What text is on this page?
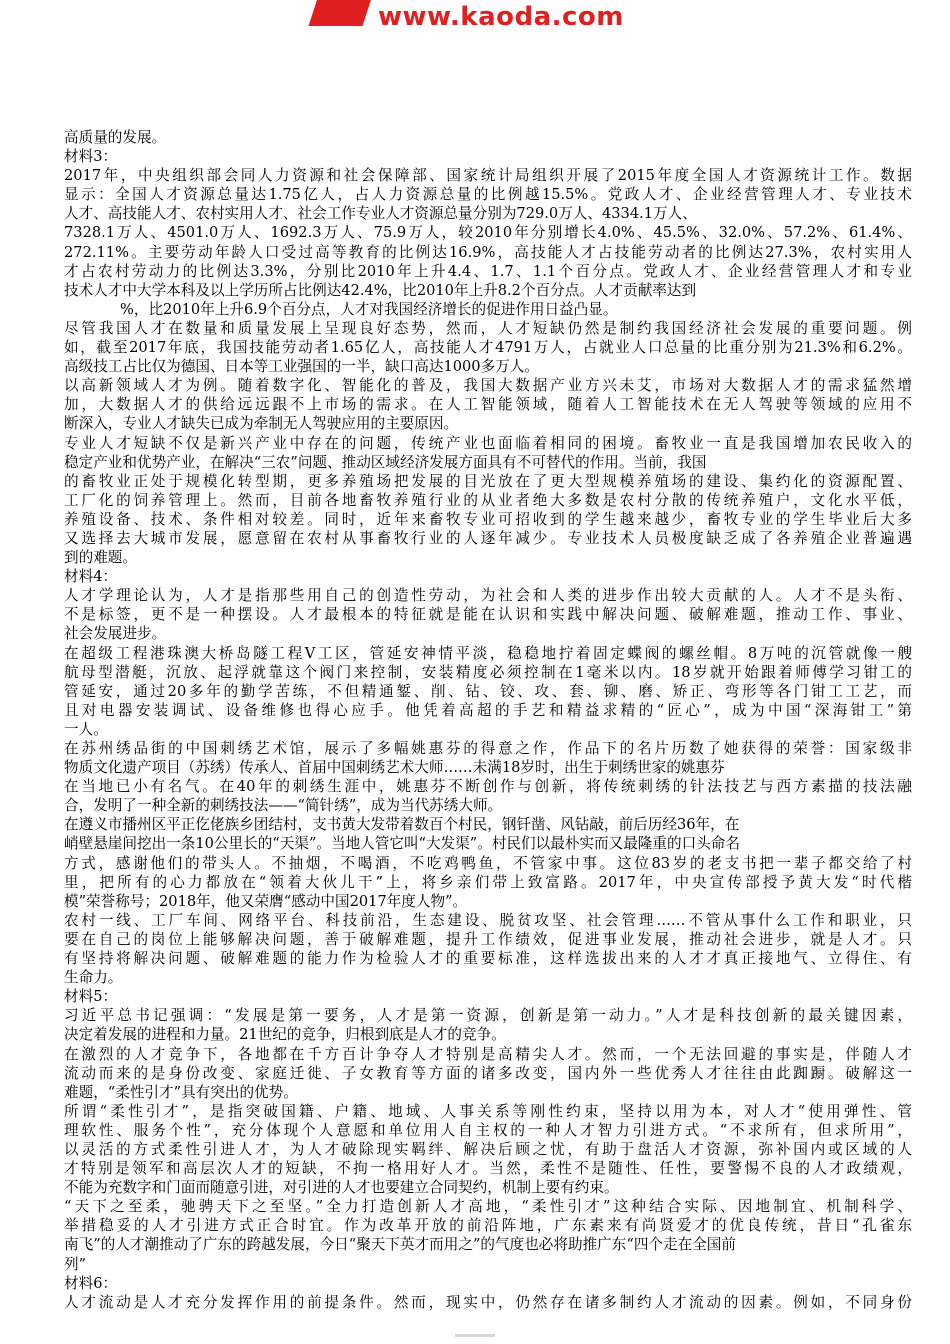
www.kaoda.com
高质量的发展。
材料3：
2017年，中央组织部会同人力资源和社会保障部、国家统计局组织开展了2015年度全国人才资源统计工作。数据
显示：全国人才资源总量达1.75亿人，占人力资源总量的比例越15.5%。党政人才、企业经营管理人才、专业技术
人才、高技能人才、农村实用人才、社会工作专业人才资源总量分别为729.0万人、4334.1万人、
7328.1万人、4501.0万人、1692.3万人、75.9万人，较2010年分别增长4.0%、45.5%、32.0%、57.2%、61.4%、
272.11%。主要劳动年龄人口受过高等教育的比例达16.9%，高技能人才占技能劳动者的比例达27.3%，农村实用人
才占农村劳动力的比例达3.3%，分别比2010年上升4.4、1.7、1.1个百分点。党政人才、企业经营管理人才和专业
技术人才中大学本科及以上学历所占比例达42.4%，比2010年上升8.2个百分点。人才贡献率达到
%，比2010年上升6.9个百分点，人才对我国经济增长的促进作用日益凸显。
尽管我国人才在数量和质量发展上呈现良好态势，然而，人才短缺仍然是制约我国经济社会发展的重要问题。例
如，截至2017年底，我国技能劳动者1.65亿人，高技能人才4791万人，占就业人口总量的比重分别为21.3%和6.2%。
高级技工占比仅为德国、日本等工业强国的一半，缺口高达1000多万人。
以高新领域人才为例。随着数字化、智能化的普及，我国大数据产业方兴未艾，市场对大数据人才的需求猛然增
加，大数据人才的供给远远跟不上市场的需求。在人工智能领域，随着人工智能技术在无人驾驶等领域的应用不
断深入，专业人才缺失已成为牵制无人驾驶应用的主要原因。
专业人才短缺不仅是新兴产业中存在的问题，传统产业也面临着相同的困境。畜牧业一直是我国增加农民收入的
稳定产业和优势产业，在解决“三农”问题、推动区域经济发展方面具有不可替代的作用。当前，我国
的畜牧业正处于规模化转型期，更多养殖场把发展的目光放在了更大型规模养殖场的建设、集约化的资源配置、
工厂化的饲养管理上。然而，目前各地畜牧养殖行业的从业者绝大多数是农村分散的传统养殖户，文化水平低，
养殖设备、技术、条件相对较差。同时，近年来畜牧专业可招收到的学生越来越少，畜牧专业的学生毕业后大多
又选择去大城市发展，愿意留在农村从事畜牧行业的人逐年减少。专业技术人员极度缺乏成了各养殖企业普遍遇
到的难题。
材料4：
人才学理论认为，人才是指那些用自己的创造性劳动，为社会和人类的进步作出较大贡献的人。人才不是头衔、
不是标签，更不是一种摆设。人才最根本的特征就是能在认识和实践中解决问题、破解难题，推动工作、事业、
社会发展进步。
在超级工程港珠澳大桥岛隧工程V工区，管延安神情平淡，稳稳地拧着固定蝶阀的螺丝帽。8万吨的沉管就像一艘
航母型潜艇，沉放、起浮就靠这个阀门来控制，安装精度必须控制在1毫米以内。18岁就开始跟着师傅学习钳工的
管延安，通过20多年的勤学苦练，不但精通錾、削、钻、铰、攻、套、铆、磨、矫正、弯形等各门钳工工艺，而
且对电器安装调试、设备维修也得心应手。他凭着高超的手艺和精益求精的“匠心”，成为中国“深海钳工”第
一人。
在苏州绣品街的中国刺绣艺术馆，展示了多幅姚惠芬的得意之作，作品下的名片历数了她获得的荣誉：国家级非
物质文化遗产项目（苏绣）传承人、首届中国刺绣艺术大师……未满18岁时，出生于刺绣世家的姚惠芬
在当地已小有名气。在40年的刺绣生涯中，姚惠芬不断创作与创新，将传统刺绣的针法技艺与西方素描的技法融
合，发明了一种全新的刺绣技法——“简针绣”，成为当代苏绣大师。
在遵义市播州区平正仡佬族乡团结村，支书黄大发带着数百个村民，钢钎凿、风钻敲，前后历经36年，在
峭壁悬崖间挖出一条10公里长的“天渠”。当地人管它叫“大发渠”。村民们以最朴实而又最隆重的口头命名
方式，感谢他们的带头人。不抽烟，不喝酒，不吃鸡鸭鱼，不管家中事。这位83岁的老支书把一辈子都交给了村
里，把所有的心力都放在“领着大伙儿干”上，将乡亲们带上致富路。2017年，中央宣传部授予黄大发“时代楷
模”荣誉称号；2018年，他又荣膺“感动中国2017年度人物”。
农村一线、工厂车间、网络平台、科技前沿，生态建设、脱贫攻坚、社会管理……不管从事什么工作和职业，只
要在自己的岗位上能够解决问题，善于破解难题，提升工作绩效，促进事业发展，推动社会进步，就是人才。只
有坚持将解决问题、破解难题的能力作为检验人才的重要标准，这样选拔出来的人才才真正接地气、立得住、有
生命力。
材料5：
习近平总书记强调：“发展是第一要务，人才是第一资源，创新是第一动力。”人才是科技创新的最关键因素，
决定着发展的进程和力量。21世纪的竞争，归根到底是人才的竞争。
在激烈的人才竞争下，各地都在千方百计争夺人才特别是高精尖人才。然而，一个无法回避的事实是，伴随人才
流动而来的是身份改变、家庭迁徙、子女教育等方面的诸多改变，国内外一些优秀人才往往由此踟蹰。破解这一
难题，“柔性引才”具有突出的优势。
所谓“柔性引才”，是指突破国籍、户籍、地域、人事关系等刚性约束，坚持以用为本，对人才“使用弹性、管
理软性、服务个性”，充分体现个人意愿和单位用人自主权的一种人才智力引进方式。“不求所有，但求所用”，
以灵活的方式柔性引进人才，为人才破除现实羁绊、解决后顾之忧，有助于盘活人才资源，弥补国内或区域的人
才特别是领军和高层次人才的短缺，不拘一格用好人才。当然，柔性不是随性、任性，要警惕不良的人才政绩观，
不能为充数字和门面而随意引进，对引进的人才也要建立合同契约，机制上要有约束。
“天下之至柔，驰骋天下之至坚。”全力打造创新人才高地，“柔性引才”这种结合实际、因地制宜、机制科学、
举措稳妥的人才引进方式正合时宜。作为改革开放的前沿阵地，广东素来有尚贤爱才的优良传统，昔日“孔雀东
南飞”的人才潮推动了广东的跨越发展，今日“聚天下英才而用之”的气度也必将助推广东“四个走在全国前
列”
材料6：
人才流动是人才充分发挥作用的前提条件。然而，现实中，仍然存在诸多制约人才流动的因素。例如，不同身份
